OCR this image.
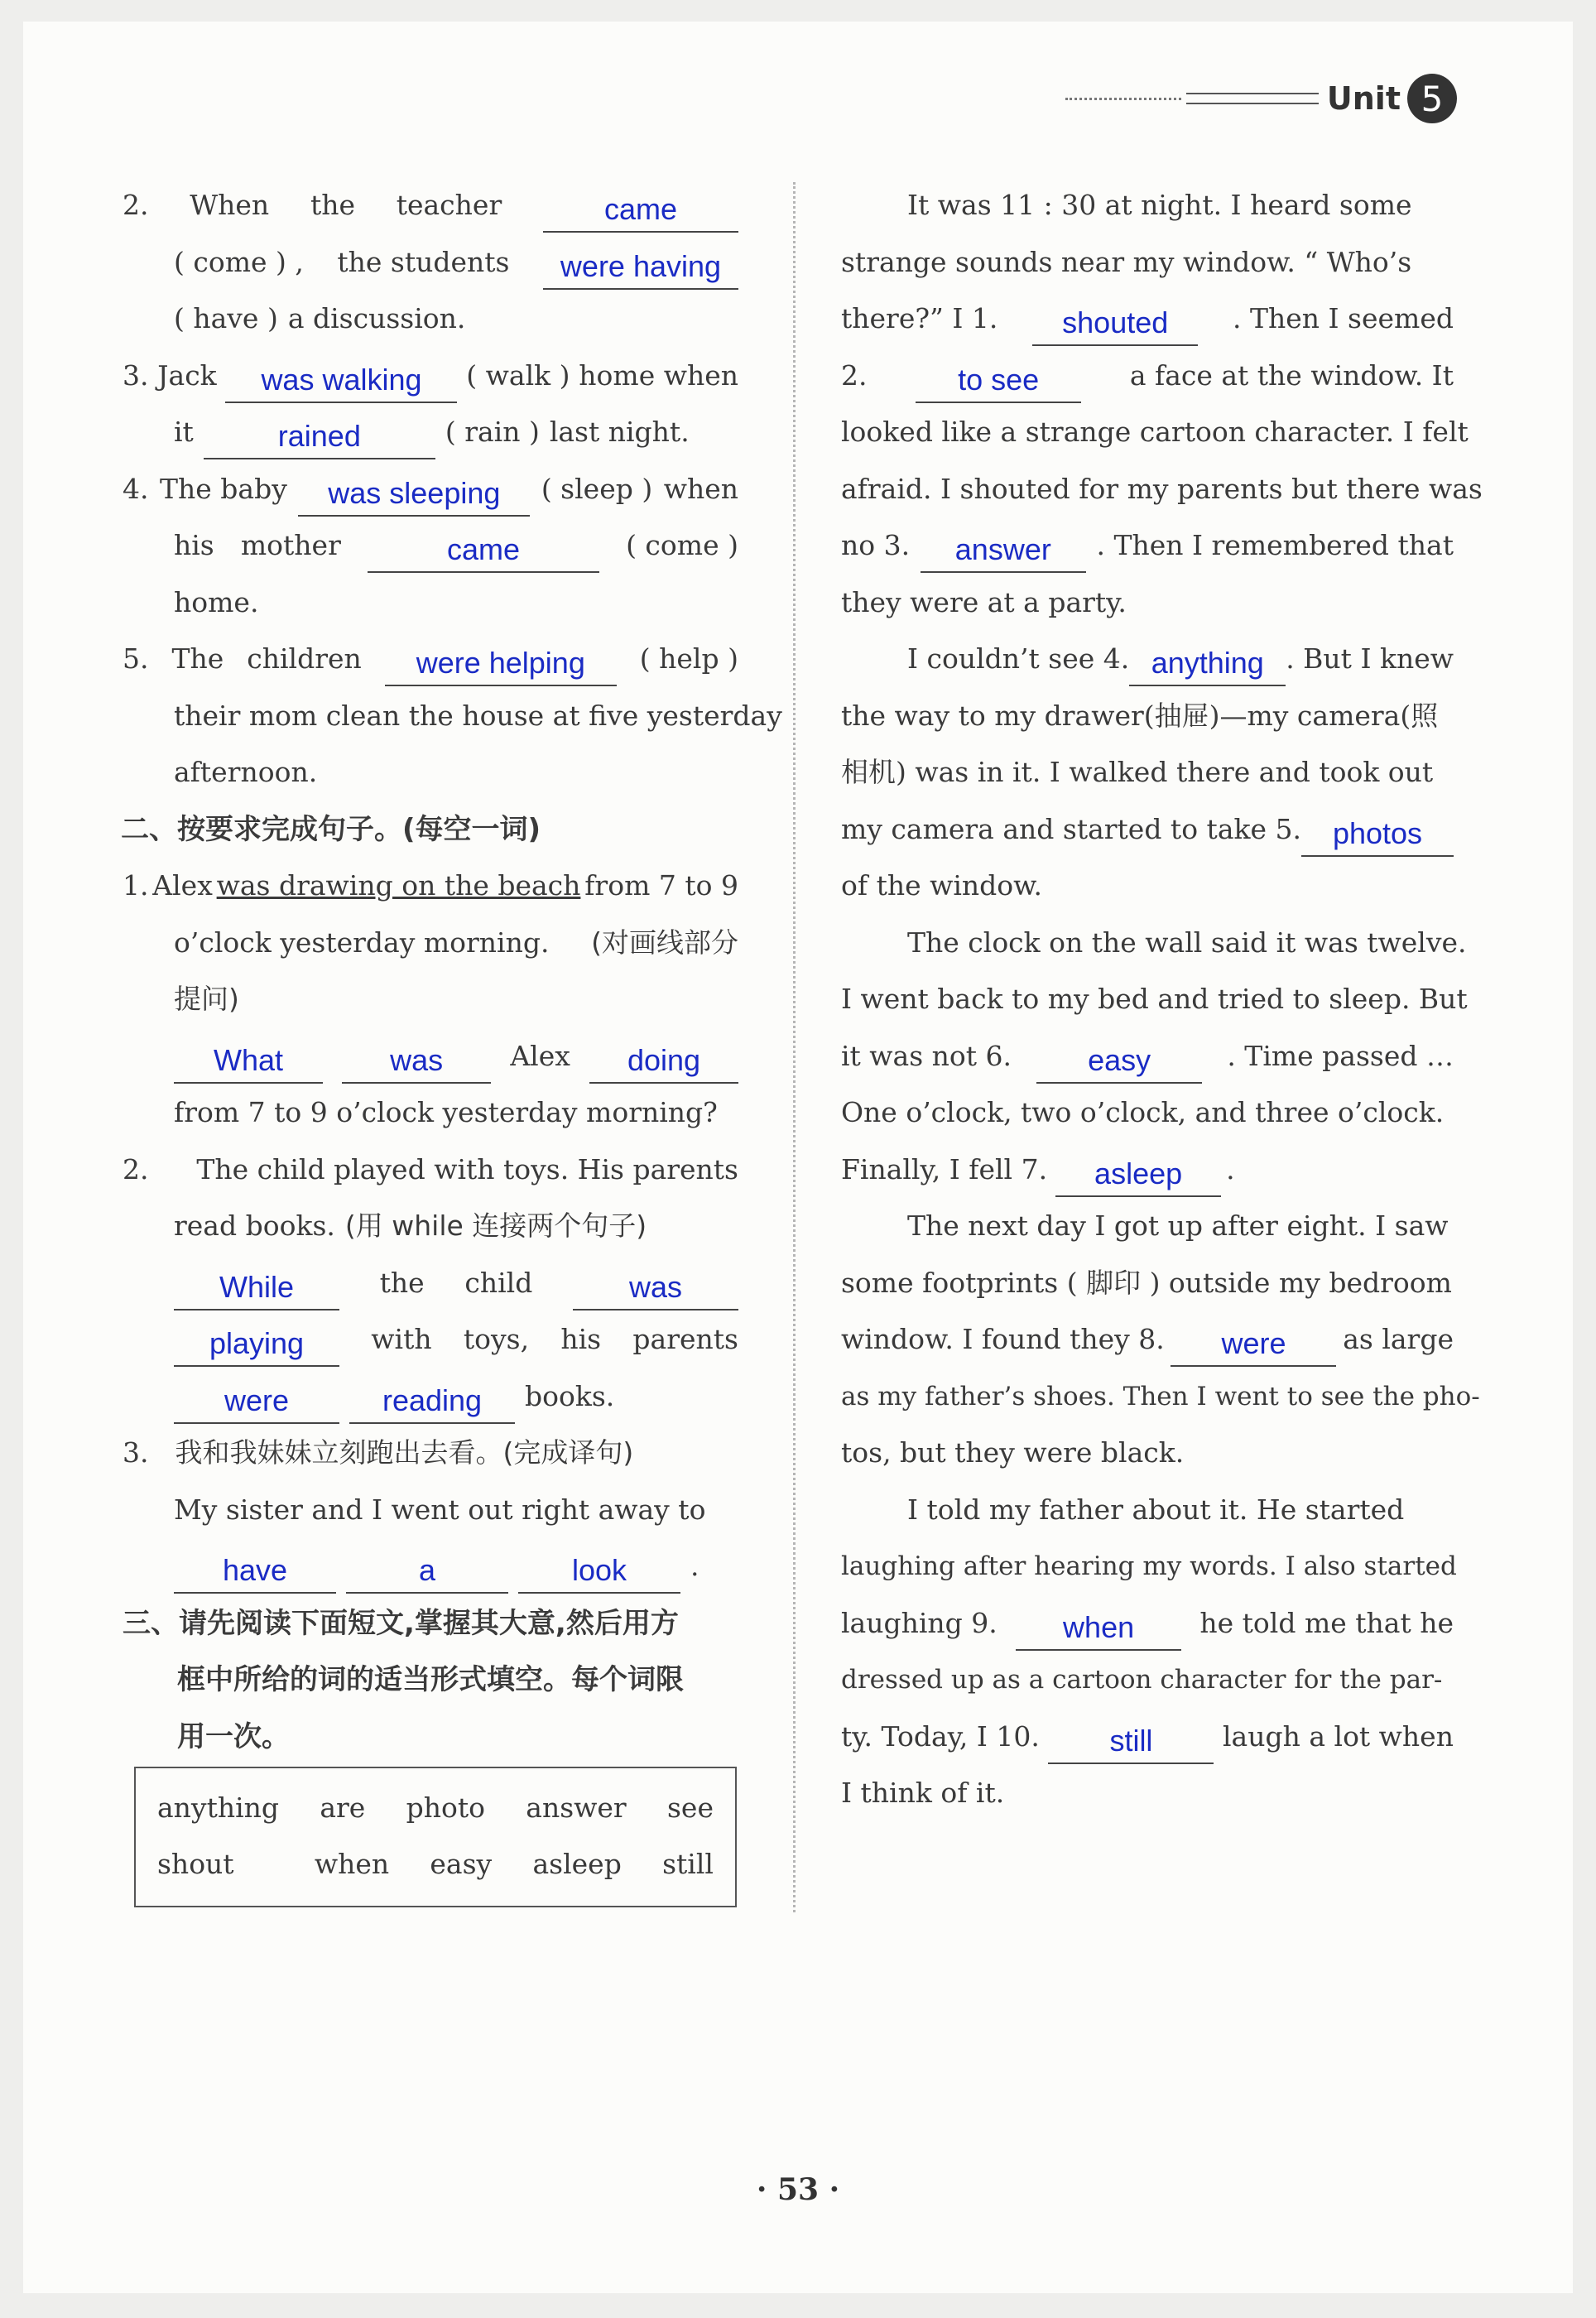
Unit 5
2. When the teacher	came
( come ) , the students	were having
( have ) a discussion.
3. Jack	was walking	( walk ) home when
it	rained	( rain ) last night.
4. The baby	was sleeping	( sleep ) when
his mother	came	( come )
home.
5. The children	were helping	( help )
their mom clean the house at five yesterday
afternoon.
二、按要求完成句子。(每空一词)
1. Alex was drawing on the beach from 7 to 9
o’clock yesterday morning. (对画线部分
提问)
What	was	Alex	doing
from 7 to 9 o’clock yesterday morning?
2. The child played with toys. His parents
read books. (用 while 连接两个句子)
While	the child	was
playing	with toys, his parents
were	reading	books.
3. 我和我妹妹立刻跑出去看。(完成译句)
My sister and I went out right away to
have	a	look	.
三、请先阅读下面短文,掌握其大意,然后用方
框中所给的词的适当形式填空。每个词限
用一次。
anything are photo answer see
shout	when easy asleep still
It was 11 : 30 at night. I heard some
strange sounds near my window. “ Who’s
there?” I 1.	shouted	. Then I seemed
2.	to see	a face at the window. It
looked like a strange cartoon character. I felt
afraid. I shouted for my parents but there was
no 3.	answer	. Then I remembered that
they were at a party.
I couldn’t see 4. anything . But I knew
the way to my drawer(抽屉)—my camera(照
相机) was in it. I walked there and took out
my camera and started to take 5.	photos
of the window.
The clock on the wall said it was twelve.
I went back to my bed and tried to sleep. But
it was not 6.	easy	. Time passed …
One o’clock, two o’clock, and three o’clock.
Finally, I fell 7.	asleep	.
The next day I got up after eight. I saw
some footprints ( 脚印 ) outside my bedroom
window. I found they 8.	were	as large
as my father’s shoes. Then I went to see the pho-
tos, but they were black.
I told my father about it. He started
laughing after hearing my words. I also started
laughing 9.	when	he told me that he
dressed up as a cartoon character for the par-
ty. Today, I 10.	still	laugh a lot when
I think of it.
· 53 ·
